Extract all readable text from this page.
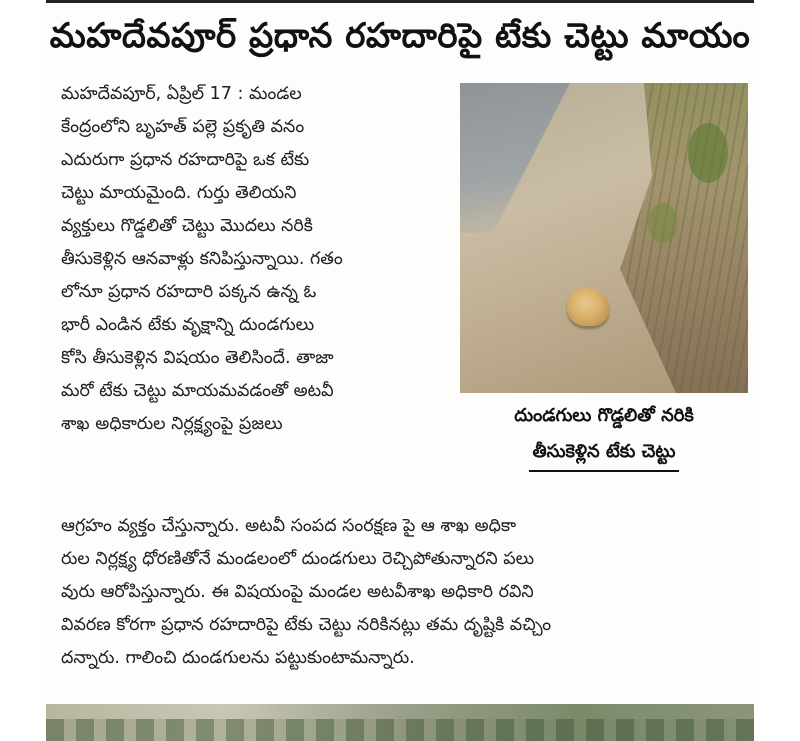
మహదేవపూర్ ప్రధాన రహదారిపై టేకు చెట్టు మాయం
మహదేవపూర్, ఏప్రిల్ 17 : మండల
కేంద్రంలోని బృహత్ పల్లె ప్రకృతి వనం
ఎదురుగా ప్రధాన రహదారిపై ఒక టేకు
చెట్టు మాయమైంది. గుర్తు తెలియని
వ్యక్తులు గొడ్డలితో చెట్టు మొదలు నరికి
తీసుకెళ్లిన ఆనవాళ్లు కనిపిస్తున్నాయి. గతం
లోనూ ప్రధాన రహదారి పక్కన ఉన్న ఓ
భారీ ఎండిన టేకు వృక్షాన్ని దుండగులు
కోసి తీసుకెళ్లిన విషయం తెలిసిందే. తాజా
మరో టేకు చెట్టు మాయమవడంతో అటవీ
శాఖ అధికారుల నిర్లక్ష్యంపై ప్రజలు	దుండగులు గొడ్డలితో నరికి
తీసుకెళ్లిన టేకు చెట్టు
ఆగ్రహం వ్యక్తం చేస్తున్నారు. అటవీ సంపద సంరక్షణ పై ఆ శాఖ అధికా
రుల నిర్లక్ష్య ధోరణితోనే మండలంలో దుండగులు రెచ్చిపోతున్నారని పలు
వురు ఆరోపిస్తున్నారు. ఈ విషయంపై మండల అటవీశాఖ అధికారి రవిని
వివరణ కోరగా ప్రధాన రహదారిపై టేకు చెట్టు నరికినట్లు తమ దృష్టికి వచ్చిం
దన్నారు. గాలించి దుండగులను పట్టుకుంటామన్నారు.
